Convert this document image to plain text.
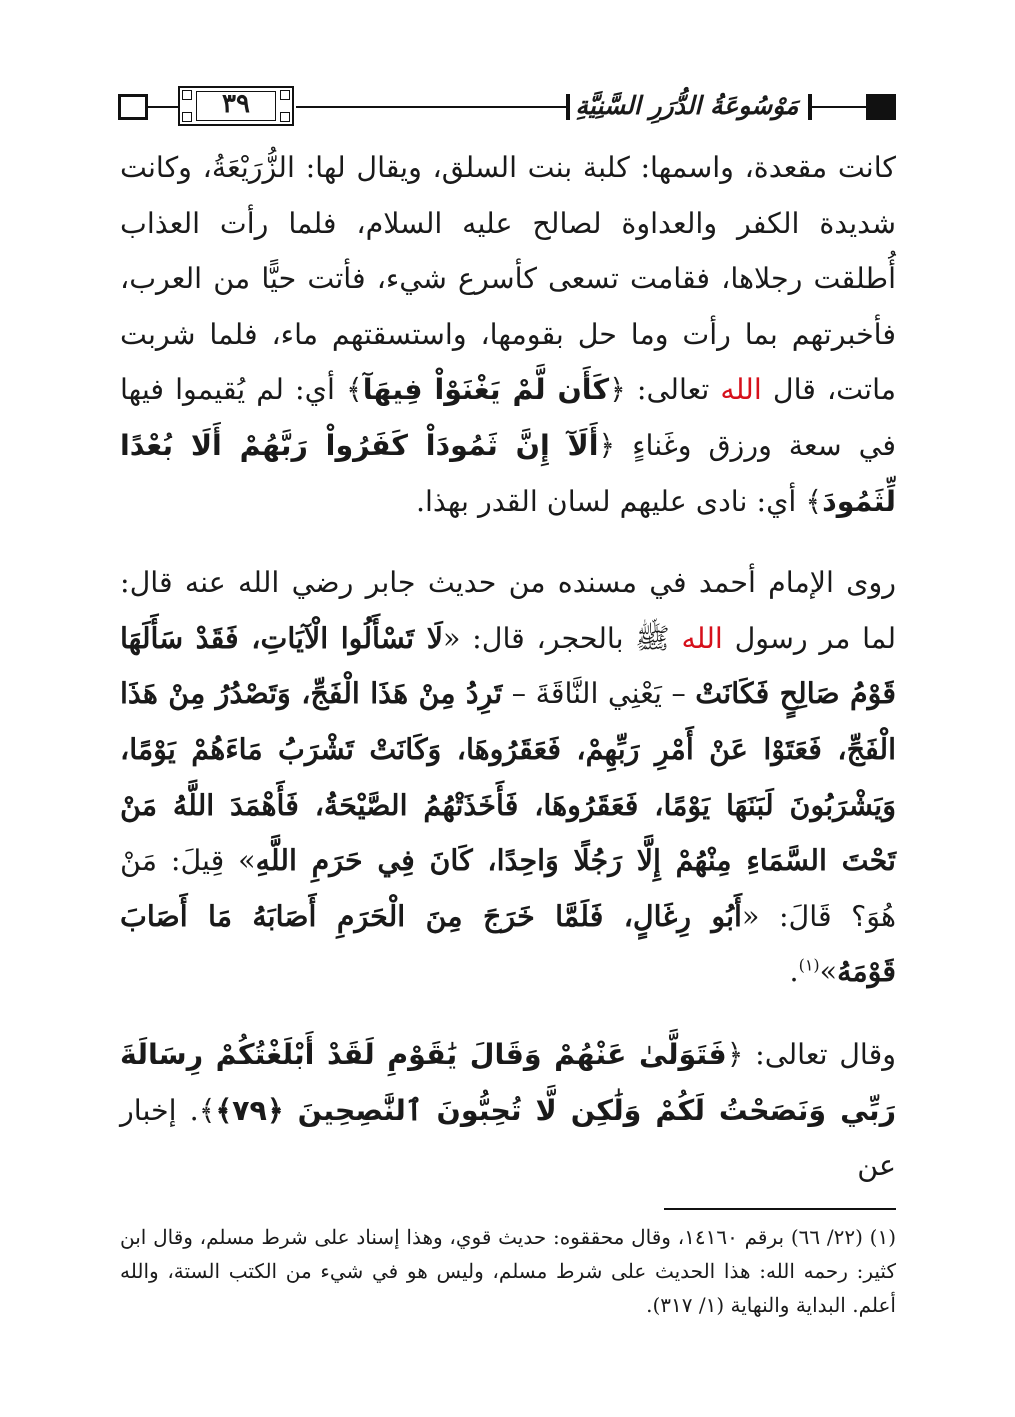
٣٩	مَوْسُوعَةُ الدُّرَرِ السَّنِيَّةِ

كانت مقعدة، واسمها: كلبة بنت السلق، ويقال لها: الزُّرَيْعَةُ، وكانت شديدة الكفر والعداوة لصالح عليه السلام، فلما رأت العذاب أُطلقت رجلاها، فقامت تسعى كأسرع شيء، فأتت حيًّا من العرب، فأخبرتهم بما رأت وما حل بقومها، واستسقتهم ماء، فلما شربت ماتت، قال الله تعالى: ﴿كَأَن لَّمْ يَغْنَوْاْ فِيهَآ﴾ أي: لم يُقيموا فيها في سعة ورزق وغَناءٍ ﴿أَلَآ إِنَّ ثَمُودَاْ كَفَرُواْ رَبَّهُمْ أَلَا بُعْدًا لِّثَمُودَ﴾ أي: نادى عليهم لسان القدر بهذا.

روى الإمام أحمد في مسنده من حديث جابر رضي الله عنه قال: لما مر رسول الله ﷺ بالحجر، قال: «لَا تَسْأَلُوا الْآيَاتِ، فَقَدْ سَأَلَهَا قَوْمُ صَالِحٍ فَكَانَتْ – يَعْنِي النَّاقَةَ – تَرِدُ مِنْ هَذَا الْفَجِّ، وَتَصْدُرُ مِنْ هَذَا الْفَجِّ، فَعَتَوْا عَنْ أَمْرِ رَبِّهِمْ، فَعَقَرُوهَا، وَكَانَتْ تَشْرَبُ مَاءَهُمْ يَوْمًا، وَيَشْرَبُونَ لَبَنَهَا يَوْمًا، فَعَقَرُوهَا، فَأَخَذَتْهُمُ الصَّيْحَةُ، فَأَهْمَدَ اللَّهُ مَنْ تَحْتَ السَّمَاءِ مِنْهُمْ إِلَّا رَجُلًا وَاحِدًا، كَانَ فِي حَرَمِ اللَّهِ» قِيلَ: مَنْ هُوَ؟ قَالَ: «أَبُو رِغَالٍ، فَلَمَّا خَرَجَ مِنَ الْحَرَمِ أَصَابَهُ مَا أَصَابَ قَوْمَهُ»$^{(١)}$.

وقال تعالى: ﴿فَتَوَلَّىٰ عَنْهُمْ وَقَالَ يَٰقَوْمِ لَقَدْ أَبْلَغْتُكُمْ رِسَالَةَ رَبِّي وَنَصَحْتُ لَكُمْ وَلَٰكِن لَّا تُحِبُّونَ ٱلنَّٰصِحِينَ ﴿٧٩﴾﴾. إخبار عن

(١) (٢٢/ ٦٦) برقم ١٤١٦٠، وقال محققوه: حديث قوي، وهذا إسناد على شرط مسلم، وقال ابن كثير: رحمه الله: هذا الحديث على شرط مسلم، وليس هو في شيء من الكتب الستة، والله أعلم. البداية والنهاية (١/ ٣١٧).
